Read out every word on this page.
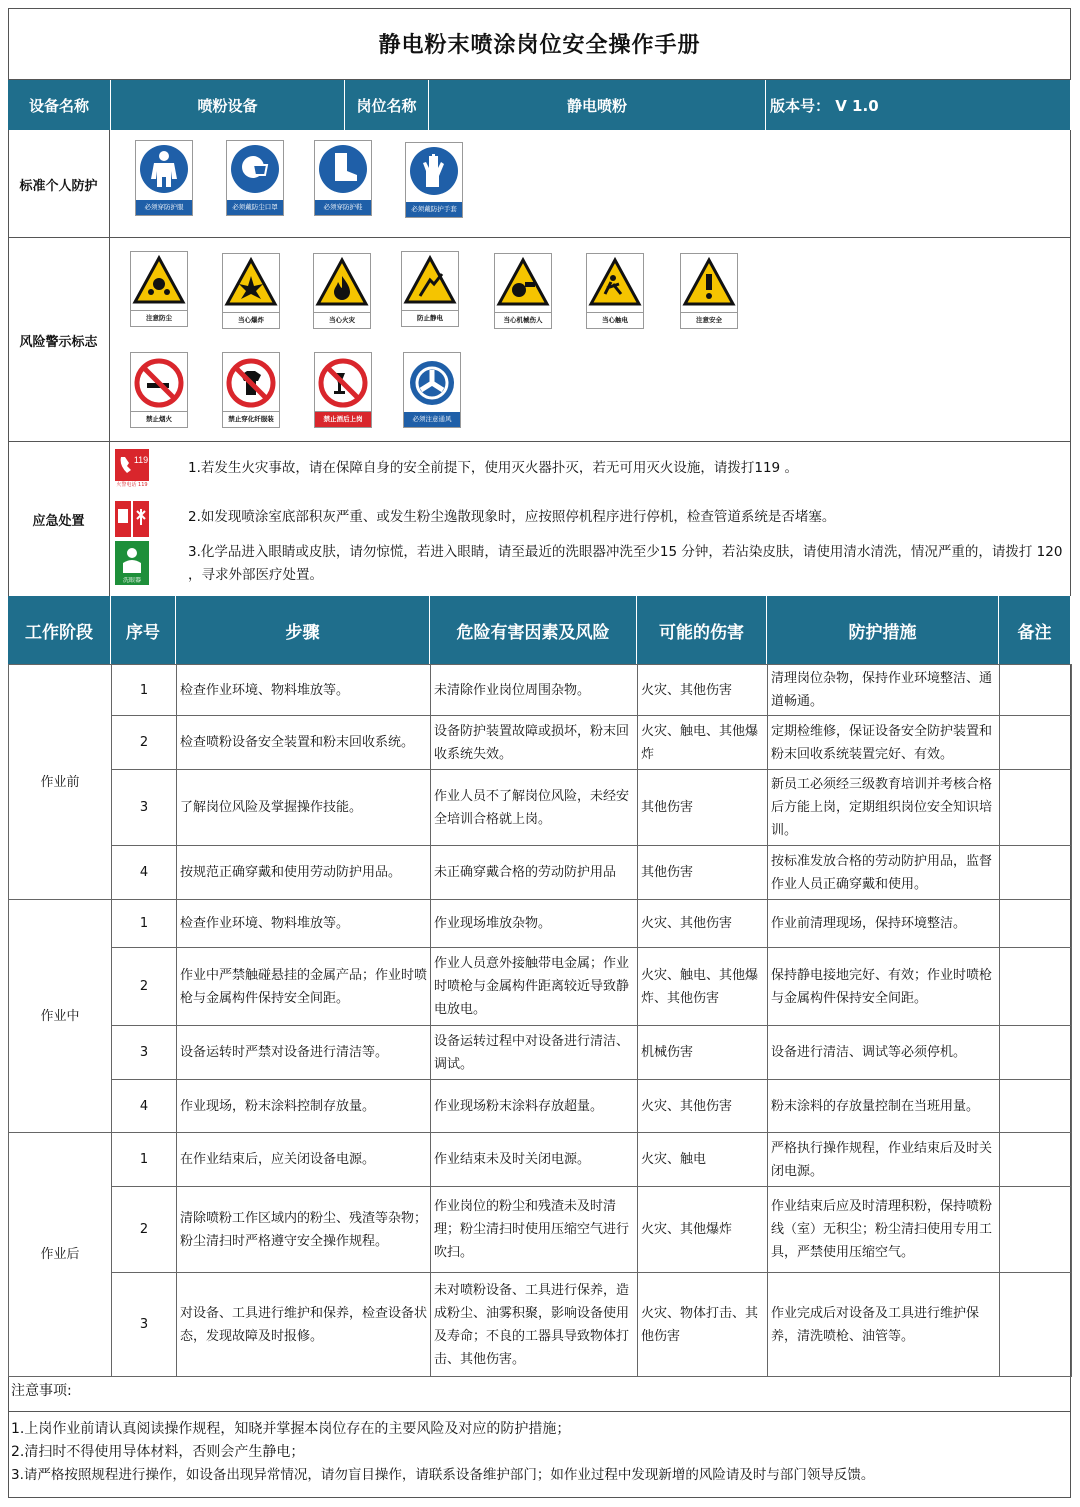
静电粉末喷涂岗位安全操作手册
设备名称	喷粉设备	岗位名称	静电喷粉	版本号： V 1.0
标准个人防护
必须穿防护服	必须戴防尘口罩	必须穿防护鞋	必须戴防护手套
风险警示标志
注意防尘	当心爆炸	当心火灾	防止静电	当心机械伤人	当心触电	注意安全
禁止烟火	禁止穿化纤服装	禁止酒后上岗	必须注意通风
应急处置
119
火警电话 119
洗眼器
1.若发生火灾事故，请在保障自身的安全前提下，使用灭火器扑灭，若无可用灭火设施，请拨打119 。
2.如发现喷涂室底部积灰严重、或发生粉尘逸散现象时，应按照停机程序进行停机，检查管道系统是否堵塞。
3.化学品进入眼睛或皮肤，请勿惊慌，若进入眼睛，请至最近的洗眼器冲洗至少15 分钟，若沾染皮肤，请使用清水清洗，情况严重的，请拨打 120 ，寻求外部医疗处置。
工作阶段	序号	步骤	危险有害因素及风险	可能的伤害	防护措施	备注
作业前	1	检查作业环境、物料堆放等。	未清除作业岗位周围杂物。	火灾、其他伤害	清理岗位杂物，保持作业环境整洁、通道畅通。	
	2	检查喷粉设备安全装置和粉末回收系统。	设备防护装置故障或损坏，粉末回收系统失效。	火灾、触电、其他爆炸	定期检维修，保证设备安全防护装置和粉末回收系统装置完好、有效。	
	3	了解岗位风险及掌握操作技能。	作业人员不了解岗位风险，未经安全培训合格就上岗。	其他伤害	新员工必须经三级教育培训并考核合格后方能上岗，定期组织岗位安全知识培训。	
	4	按规范正确穿戴和使用劳动防护用品。	未正确穿戴合格的劳动防护用品	其他伤害	按标准发放合格的劳动防护用品，监督作业人员正确穿戴和使用。	
作业中	1	检查作业环境、物料堆放等。	作业现场堆放杂物。	火灾、其他伤害	作业前清理现场，保持环境整洁。	
	2	作业中严禁触碰悬挂的金属产品；作业时喷枪与金属构件保持安全间距。	作业人员意外接触带电金属；作业时喷枪与金属构件距离较近导致静电放电。	火灾、触电、其他爆炸、其他伤害	保持静电接地完好、有效；作业时喷枪与金属构件保持安全间距。	
	3	设备运转时严禁对设备进行清洁等。	设备运转过程中对设备进行清洁、调试。	机械伤害	设备进行清洁、调试等必须停机。	
	4	作业现场，粉末涂料控制存放量。	作业现场粉末涂料存放超量。	火灾、其他伤害	粉末涂料的存放量控制在当班用量。	
作业后	1	在作业结束后，应关闭设备电源。	作业结束未及时关闭电源。	火灾、触电	严格执行操作规程，作业结束后及时关闭电源。	
	2	清除喷粉工作区域内的粉尘、残渣等杂物；粉尘清扫时严格遵守安全操作规程。	作业岗位的粉尘和残渣未及时清理；粉尘清扫时使用压缩空气进行吹扫。	火灾、其他爆炸	作业结束后应及时清理积粉，保持喷粉线（室）无积尘；粉尘清扫使用专用工具，严禁使用压缩空气。	
	3	对设备、工具进行维护和保养，检查设备状态，发现故障及时报修。	未对喷粉设备、工具进行保养，造成粉尘、油雾积聚，影响设备使用及寿命；不良的工器具导致物体打击、其他伤害。	火灾、物体打击、其他伤害	作业完成后对设备及工具进行维护保养，清洗喷枪、油管等。	
注意事项:
1.上岗作业前请认真阅读操作规程，知晓并掌握本岗位存在的主要风险及对应的防护措施；
2.清扫时不得使用导体材料，否则会产生静电；
3.请严格按照规程进行操作，如设备出现异常情况，请勿盲目操作，请联系设备维护部门；如作业过程中发现新增的风险请及时与部门领导反馈。
